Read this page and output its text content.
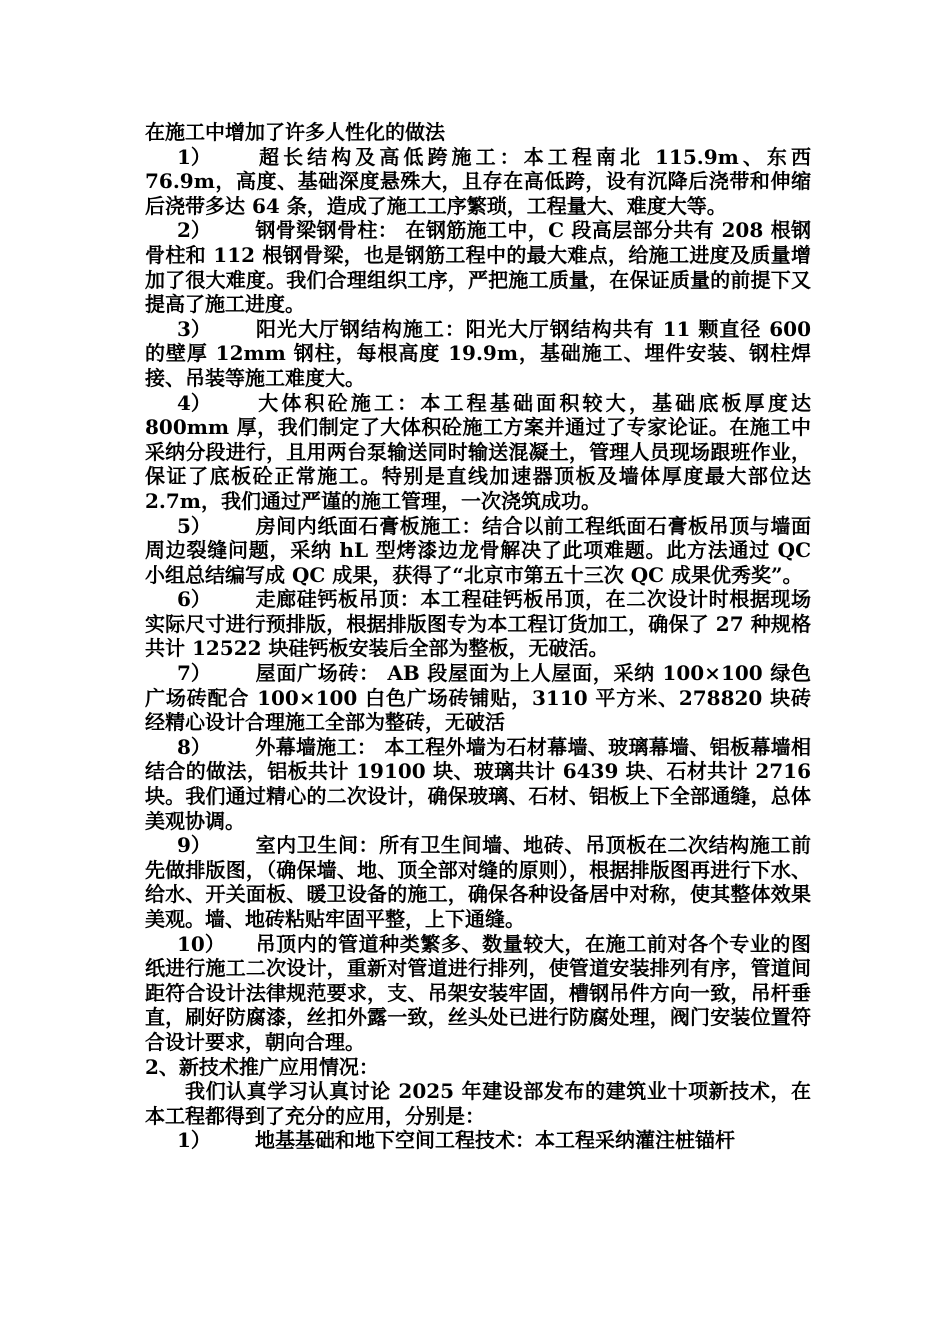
在施工中增加了许多人性化的做法

1） 超长结构及高低跨施工：本工程南北 115.9m、东西 76.9m，高度、基础深度悬殊大，且存在高低跨，设有沉降后浇带和伸缩后浇带多达 64 条，造成了施工工序繁琐，工程量大、难度大等。

2） 钢骨梁钢骨柱： 在钢筋施工中，C 段高层部分共有 208 根钢骨柱和 112 根钢骨梁，也是钢筋工程中的最大难点，给施工进度及质量增加了很大难度。我们合理组织工序，严把施工质量，在保证质量的前提下又提高了施工进度。

3） 阳光大厅钢结构施工：阳光大厅钢结构共有 11 颗直径 600 的壁厚 12mm 钢柱，每根高度 19.9m，基础施工、埋件安装、钢柱焊接、吊装等施工难度大。

4） 大体积砼施工：本工程基础面积较大，基础底板厚度达 800mm 厚，我们制定了大体积砼施工方案并通过了专家论证。在施工中采纳分段进行，且用两台泵输送同时输送混凝土，管理人员现场跟班作业，保证了底板砼正常施工。特别是直线加速器顶板及墙体厚度最大部位达 2.7m，我们通过严谨的施工管理，一次浇筑成功。

5） 房间内纸面石膏板施工：结合以前工程纸面石膏板吊顶与墙面周边裂缝问题，采纳 hL 型烤漆边龙骨解决了此项难题。此方法通过 QC 小组总结编写成 QC 成果，获得了“北京市第五十三次 QC 成果优秀奖”。

6） 走廊硅钙板吊顶：本工程硅钙板吊顶，在二次设计时根据现场实际尺寸进行预排版，根据排版图专为本工程订货加工，确保了 27 种规格共计 12522 块硅钙板安装后全部为整板，无破活。

7） 屋面广场砖： AB 段屋面为上人屋面，采纳 100×100 绿色广场砖配合 100×100 白色广场砖铺贴，3110 平方米、278820 块砖经精心设计合理施工全部为整砖，无破活

8） 外幕墙施工： 本工程外墙为石材幕墙、玻璃幕墙、铝板幕墙相结合的做法，铝板共计 19100 块、玻璃共计 6439 块、石材共计 2716 块。我们通过精心的二次设计，确保玻璃、石材、铝板上下全部通缝，总体美观协调。

9） 室内卫生间：所有卫生间墙、地砖、吊顶板在二次结构施工前先做排版图，（确保墙、地、顶全部对缝的原则），根据排版图再进行下水、给水、开关面板、暖卫设备的施工，确保各种设备居中对称，使其整体效果美观。墙、地砖粘贴牢固平整，上下通缝。

10） 吊顶内的管道种类繁多、数量较大，在施工前对各个专业的图纸进行施工二次设计，重新对管道进行排列，使管道安装排列有序，管道间距符合设计法律规范要求，支、吊架安装牢固，槽钢吊件方向一致，吊杆垂直，刷好防腐漆，丝扣外露一致，丝头处已进行防腐处理，阀门安装位置符合设计要求，朝向合理。

2、新技术推广应用情况：

我们认真学习认真讨论 2025 年建设部发布的建筑业十项新技术，在本工程都得到了充分的应用，分别是：

1） 地基基础和地下空间工程技术：本工程采纳灌注桩锚杆
